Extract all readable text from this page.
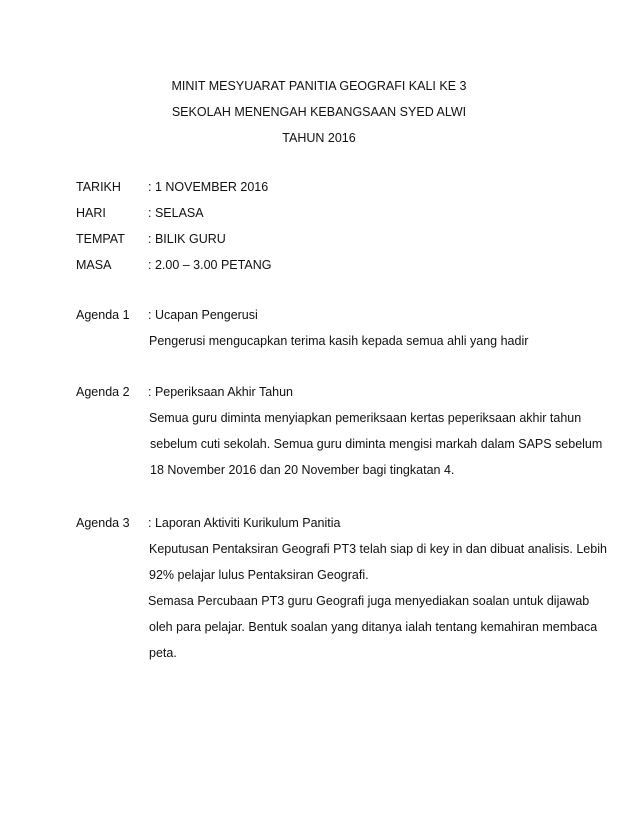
MINIT MESYUARAT PANITIA GEOGRAFI KALI KE 3
SEKOLAH MENENGAH KEBANGSAAN SYED ALWI
TAHUN 2016
TARIKH : 1 NOVEMBER 2016
HARI	: SELASA
TEMPAT : BILIK GURU
MASA	: 2.00 – 3.00 PETANG
Agenda 1 : Ucapan Pengerusi
Pengerusi mengucapkan terima kasih kepada semua ahli yang hadir
Agenda 2 : Peperiksaan Akhir Tahun
Semua guru diminta menyiapkan pemeriksaan kertas peperiksaan akhir tahun
sebelum cuti sekolah. Semua guru diminta mengisi markah dalam SAPS sebelum
18 November 2016 dan 20 November bagi tingkatan 4.
Agenda 3 : Laporan Aktiviti Kurikulum Panitia
Keputusan Pentaksiran Geografi PT3 telah siap di key in dan dibuat analisis. Lebih
92% pelajar lulus Pentaksiran Geografi.
Semasa Percubaan PT3 guru Geografi juga menyediakan soalan untuk dijawab
oleh para pelajar. Bentuk soalan yang ditanya ialah tentang kemahiran membaca
peta.
